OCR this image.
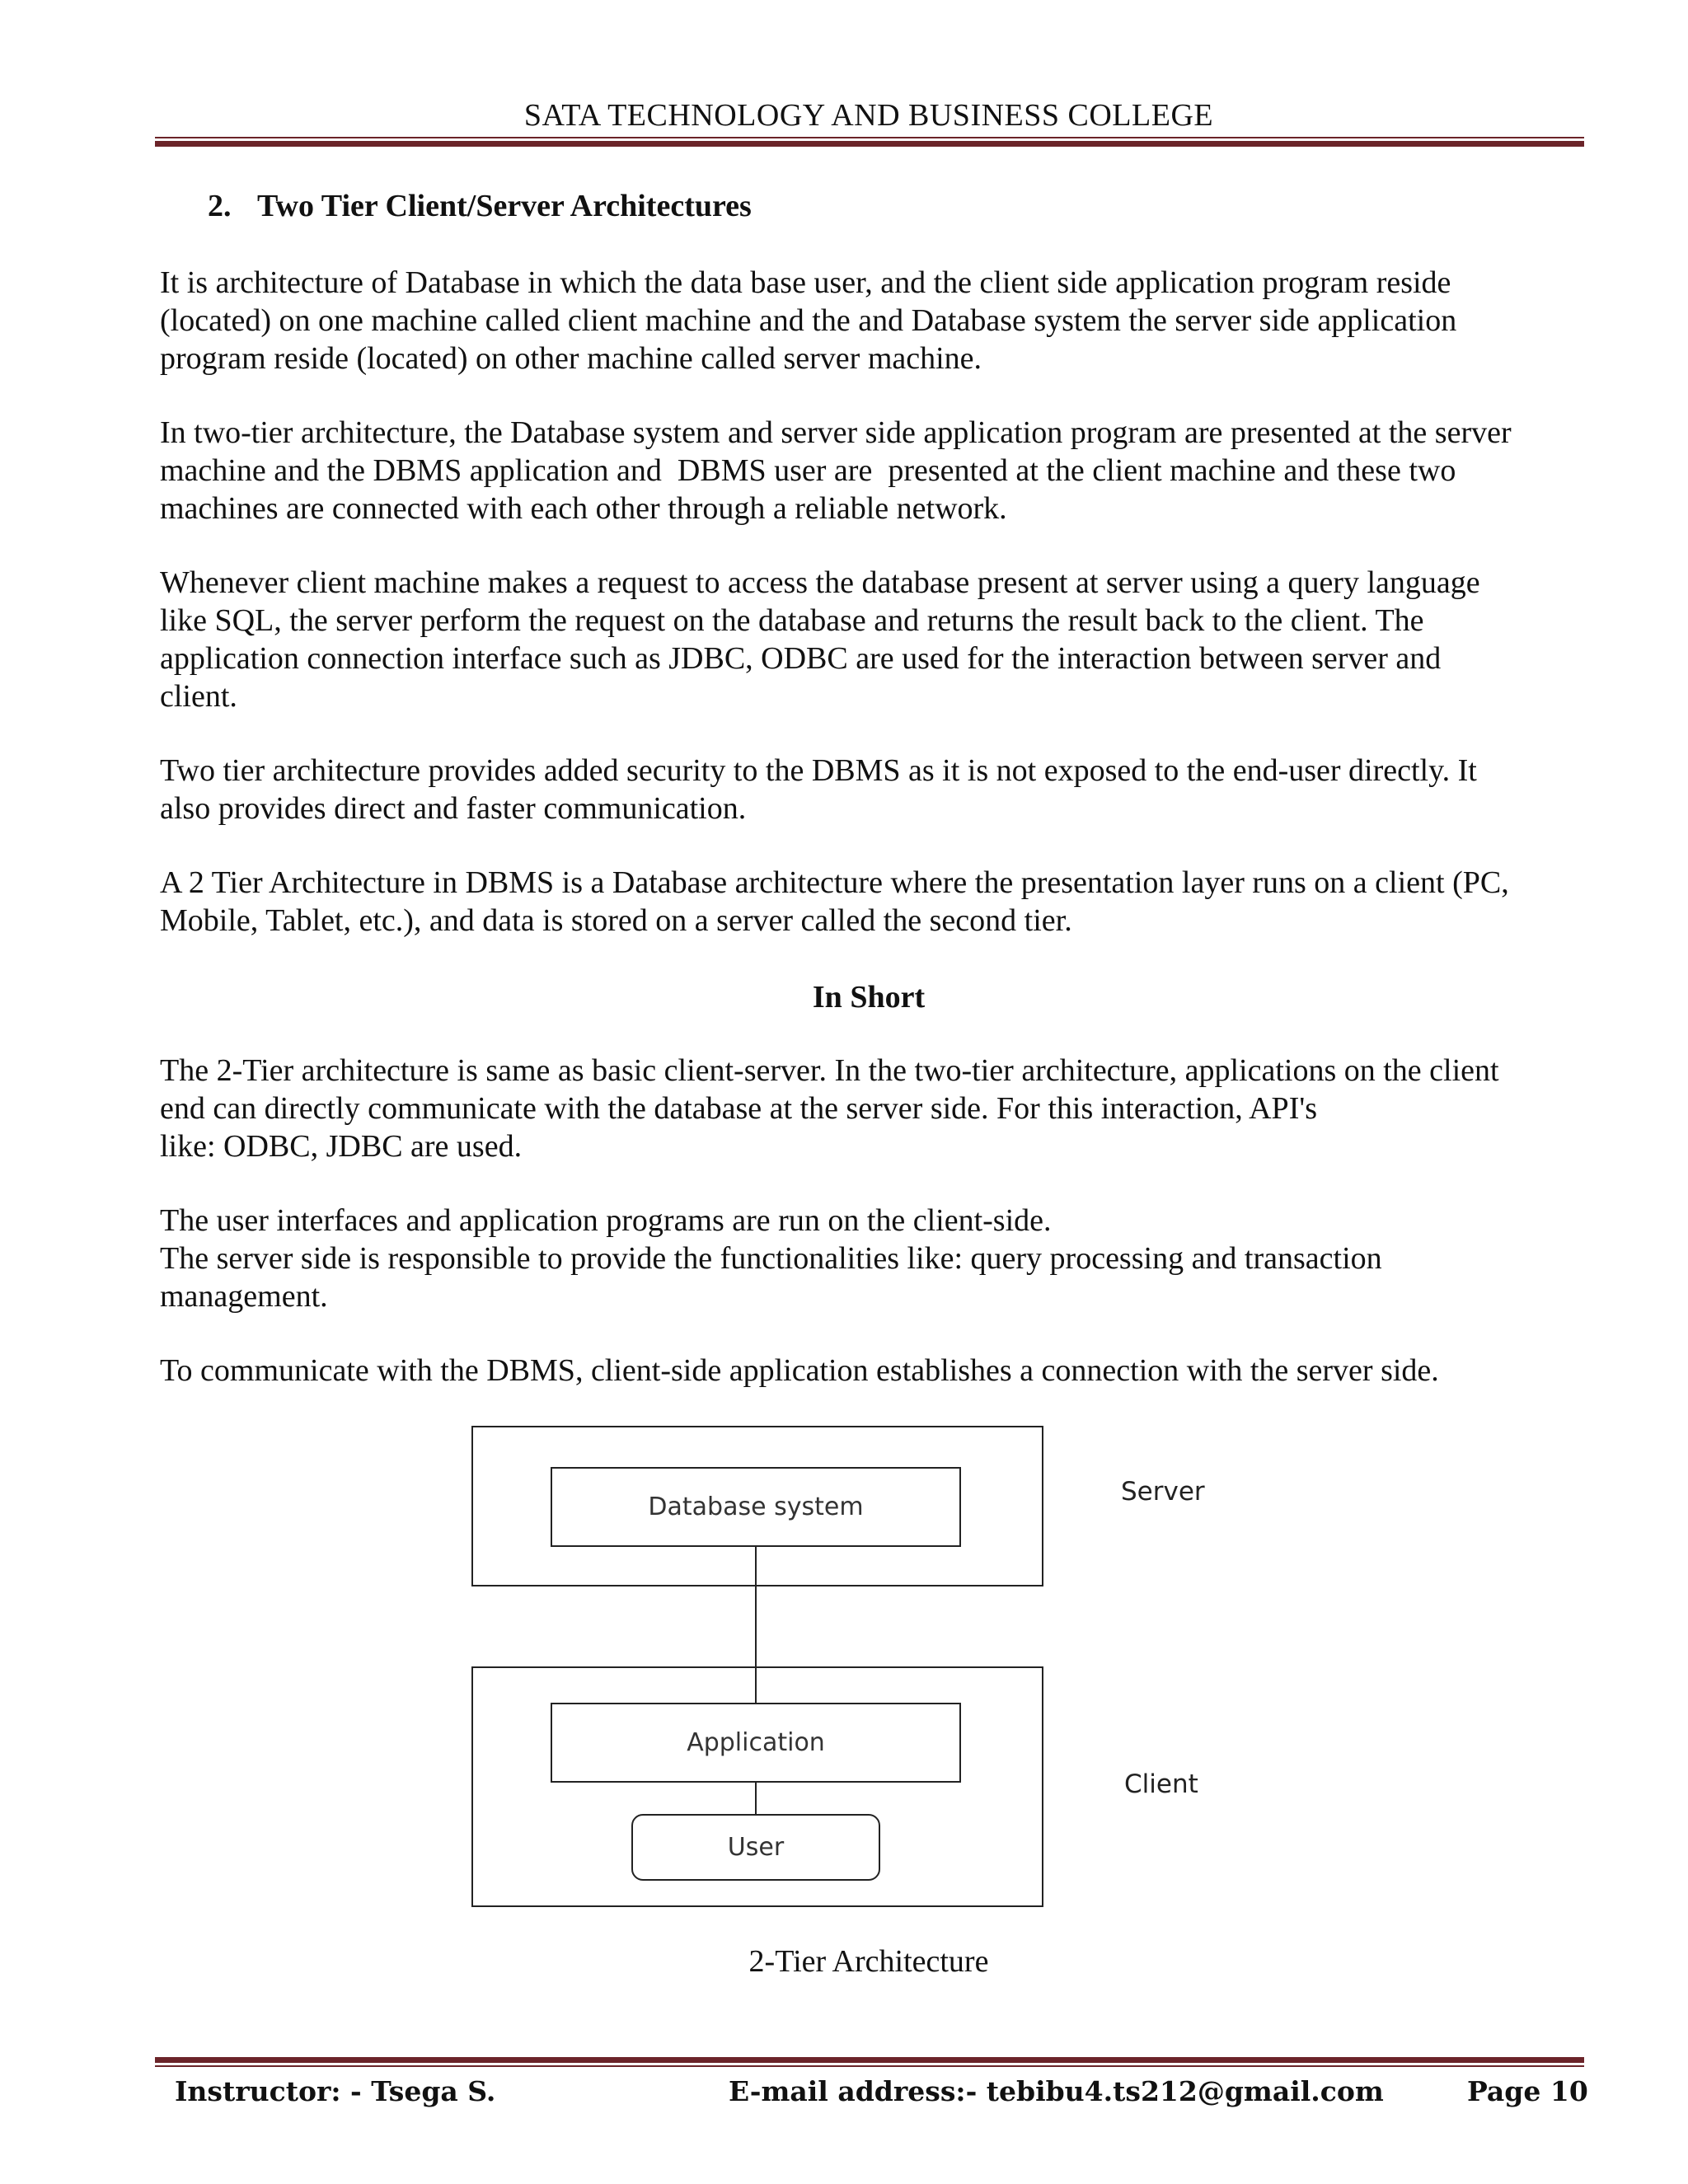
SATA TECHNOLOGY AND BUSINESS COLLEGE
2. Two Tier Client/Server Architectures

It is architecture of Database in which the data base user, and the client side application program reside

(located) on one machine called client machine and the and Database system the server side application

program reside (located) on other machine called server machine.

In two-tier architecture, the Database system and server side application program are presented at the server

machine and the DBMS application and  DBMS user are  presented at the client machine and these two

machines are connected with each other through a reliable network.

Whenever client machine makes a request to access the database present at server using a query language

like SQL, the server perform the request on the database and returns the result back to the client. The

application connection interface such as JDBC, ODBC are used for the interaction between server and

client.

Two tier architecture provides added security to the DBMS as it is not exposed to the end-user directly. It

also provides direct and faster communication.

A 2 Tier Architecture in DBMS is a Database architecture where the presentation layer runs on a client (PC,

Mobile, Tablet, etc.), and data is stored on a server called the second tier.

In Short

The 2-Tier architecture is same as basic client-server. In the two-tier architecture, applications on the client

end can directly communicate with the database at the server side. For this interaction, API's

like: ODBC, JDBC are used.

The user interfaces and application programs are run on the client-side.

The server side is responsible to provide the functionalities like: query processing and transaction

management.

To communicate with the DBMS, client-side application establishes a connection with the server side.

Database system
Server
Application
User
Client
2-Tier Architecture
Instructor: - Tsega S.	E-mail address:- tebibu4.ts212@gmail.com	Page 10
